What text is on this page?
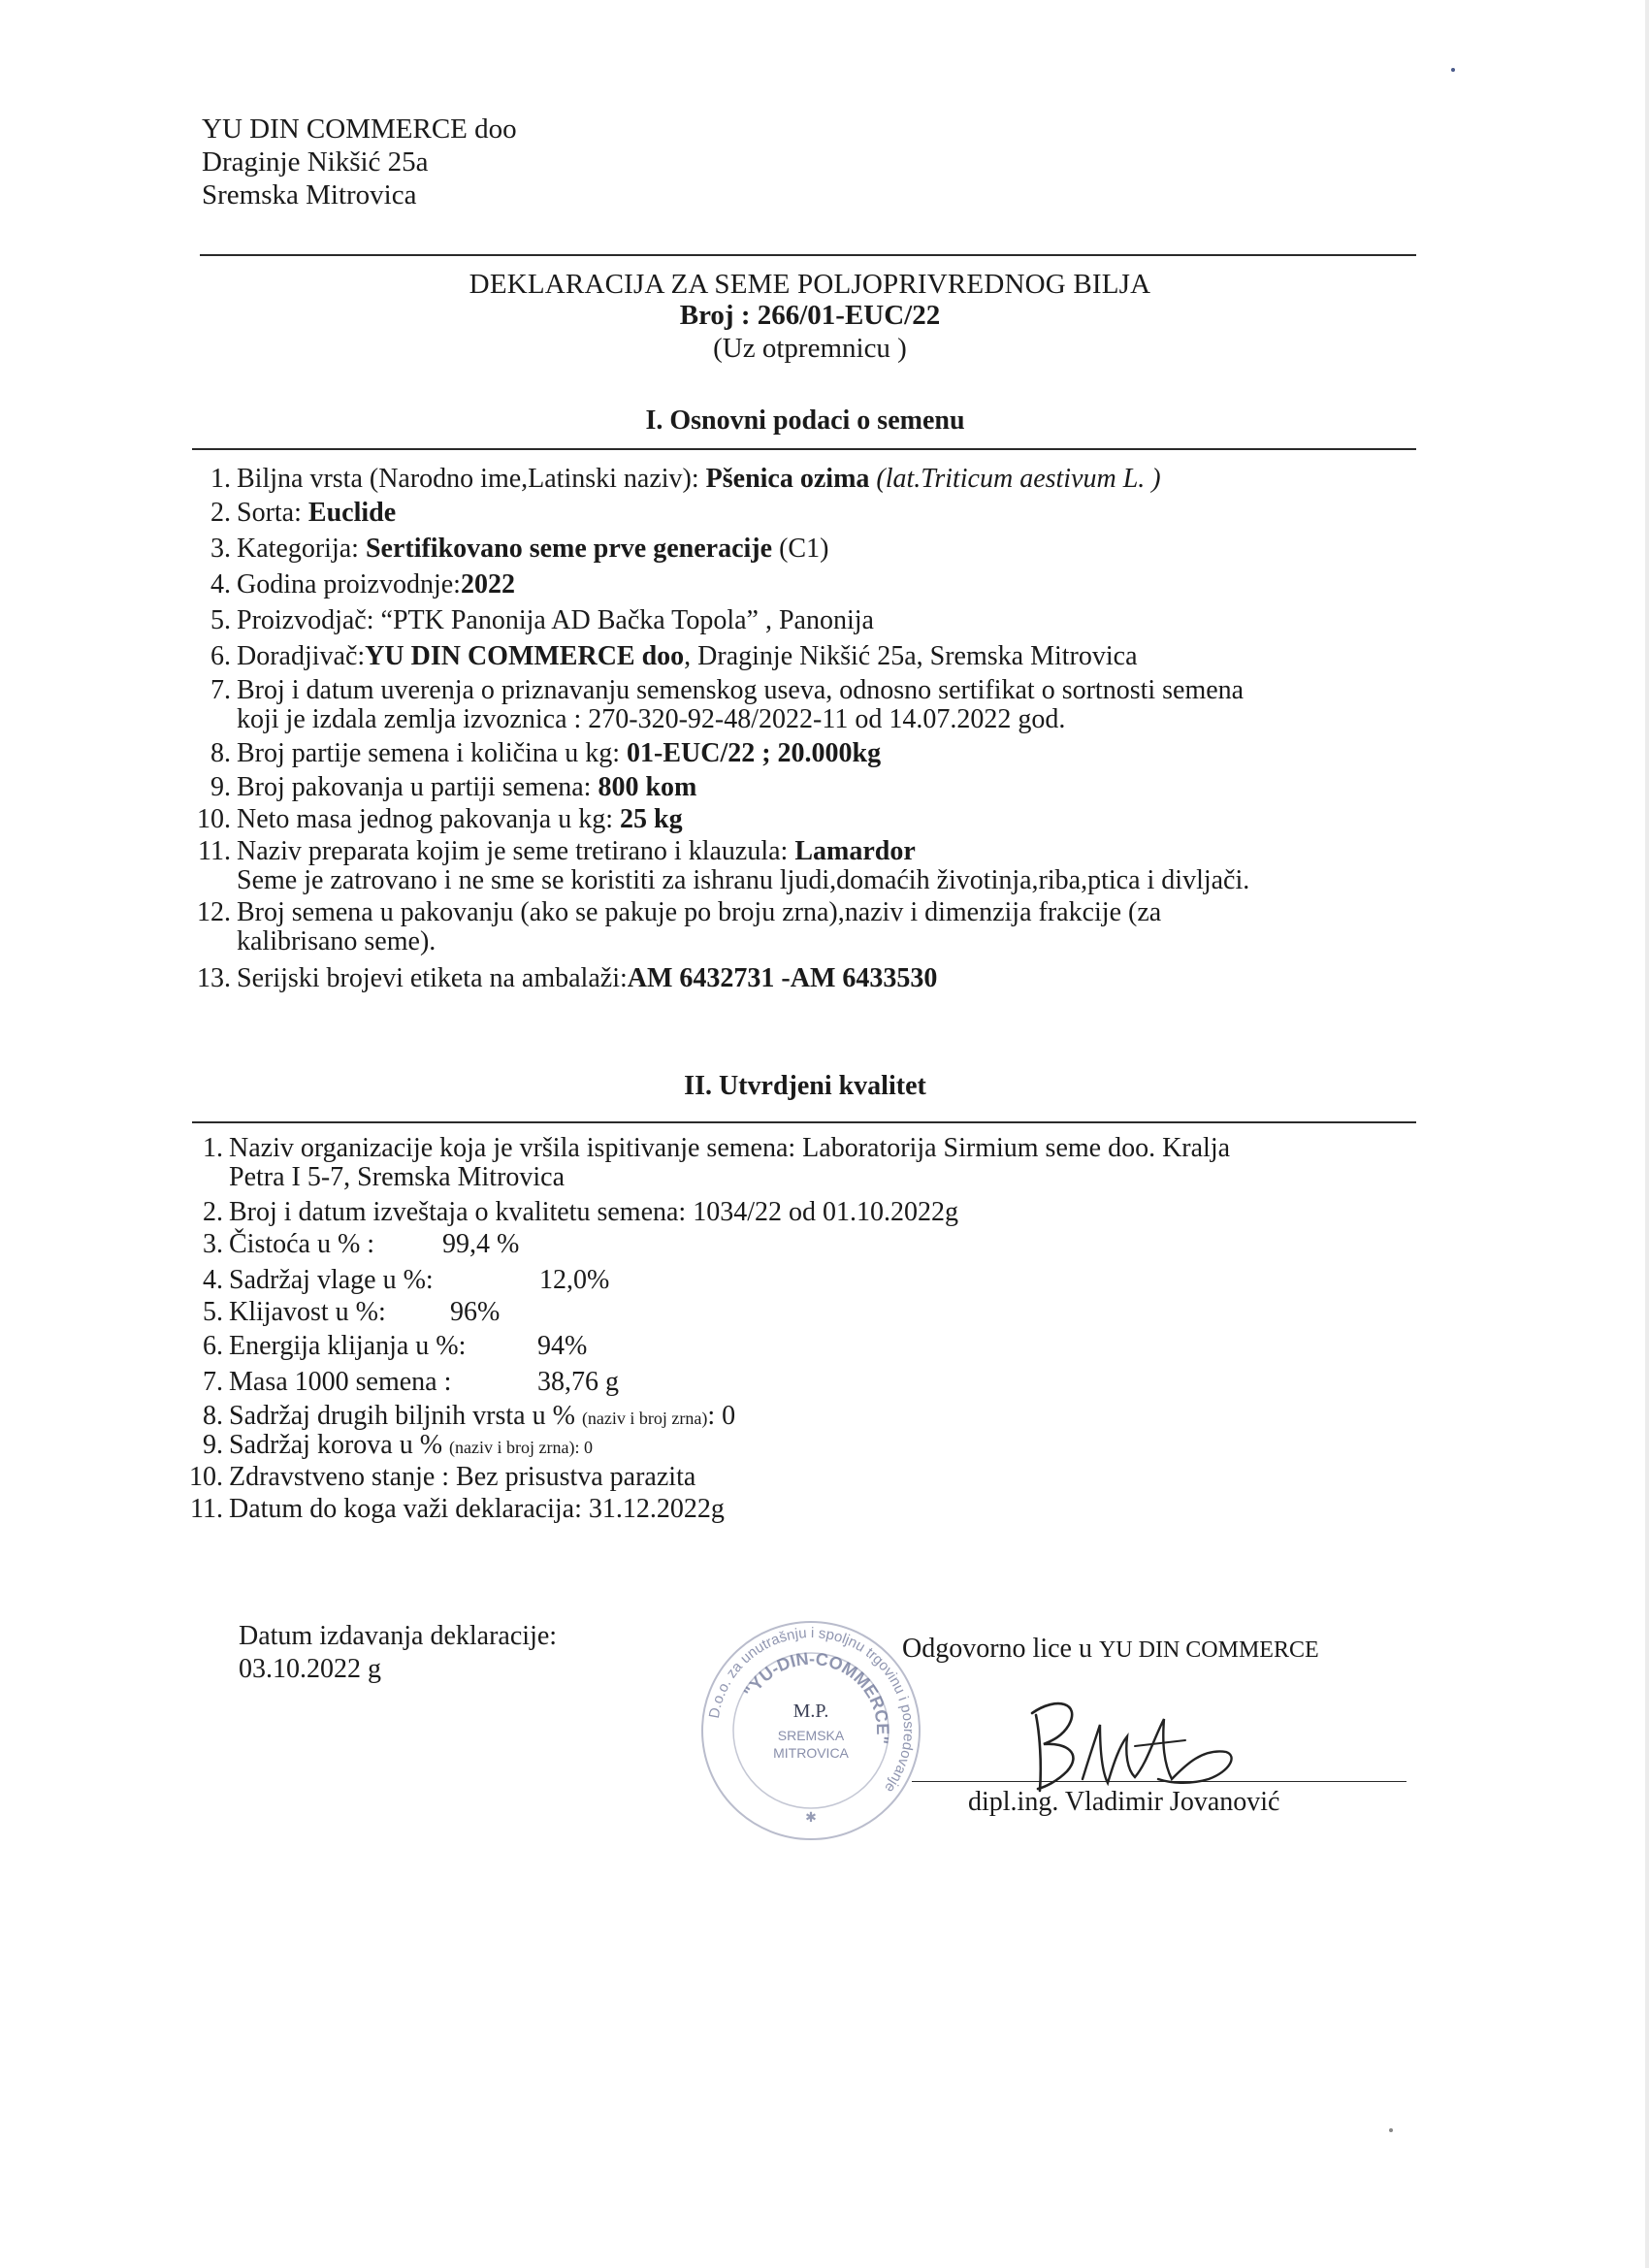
YU DIN COMMERCE doo
Draginje Nikšić 25a
Sremska Mitrovica
DEKLARACIJA ZA SEME POLJOPRIVREDNOG BILJA
Broj : 266/01-EUC/22
(Uz otpremnicu )
I. Osnovni podaci o semenu
1. Biljna vrsta (Narodno ime,Latinski naziv): Pšenica ozima (lat.Triticum aestivum L. )
2. Sorta: Euclide
3. Kategorija: Sertifikovano seme prve generacije (C1)
4. Godina proizvodnje:2022
5. Proizvodjač: “PTK Panonija AD Bačka Topola” , Panonija
6. Doradjivač:YU DIN COMMERCE doo, Draginje Nikšić 25a, Sremska Mitrovica
7. Broj i datum uverenja o priznavanju semenskog useva, odnosno sertifikat o sortnosti semena
koji je izdala zemlja izvoznica : 270-320-92-48/2022-11 od 14.07.2022 god.
8. Broj partije semena i količina u kg: 01-EUC/22 ; 20.000kg
9. Broj pakovanja u partiji semena: 800 kom
10. Neto masa jednog pakovanja u kg: 25 kg
11. Naziv preparata kojim je seme tretirano i klauzula: Lamardor
Seme je zatrovano i ne sme se koristiti za ishranu ljudi,domaćih životinja,riba,ptica i divljači.
12. Broj semena u pakovanju (ako se pakuje po broju zrna),naziv i dimenzija frakcije (za
kalibrisano seme).
13. Serijski brojevi etiketa na ambalaži:AM 6432731 -AM 6433530
II. Utvrdjeni kvalitet
1. Naziv organizacije koja je vršila ispitivanje semena: Laboratorija Sirmium seme doo. Kralja
Petra I 5-7, Sremska Mitrovica
2. Broj i datum izveštaja o kvalitetu semena: 1034/22 od 01.10.2022g
3. Čistoća u % : 99,4 %
4. Sadržaj vlage u %:	12,0%
5. Klijavost u %: 96%
6. Energija klijanja u %:	94%
7. Masa 1000 semena :	38,76 g
8. Sadržaj drugih biljnih vrsta u % (naziv i broj zrna): 0
9. Sadržaj korova u % (naziv i broj zrna): 0
10. Zdravstveno stanje : Bez prisustva parazita
11. Datum do koga važi deklaracija: 31.12.2022g
Datum izdavanja deklaracije:
03.10.2022 g
D.o.o. za unutrašnju i spoljnu trgovinu i posredovanje
"YU-DIN-COMMERCE"
M.P.
SREMSKA
MITROVICA
✱
Odgovorno lice u YU DIN COMMERCE
dipl.ing. Vladimir Jovanović
